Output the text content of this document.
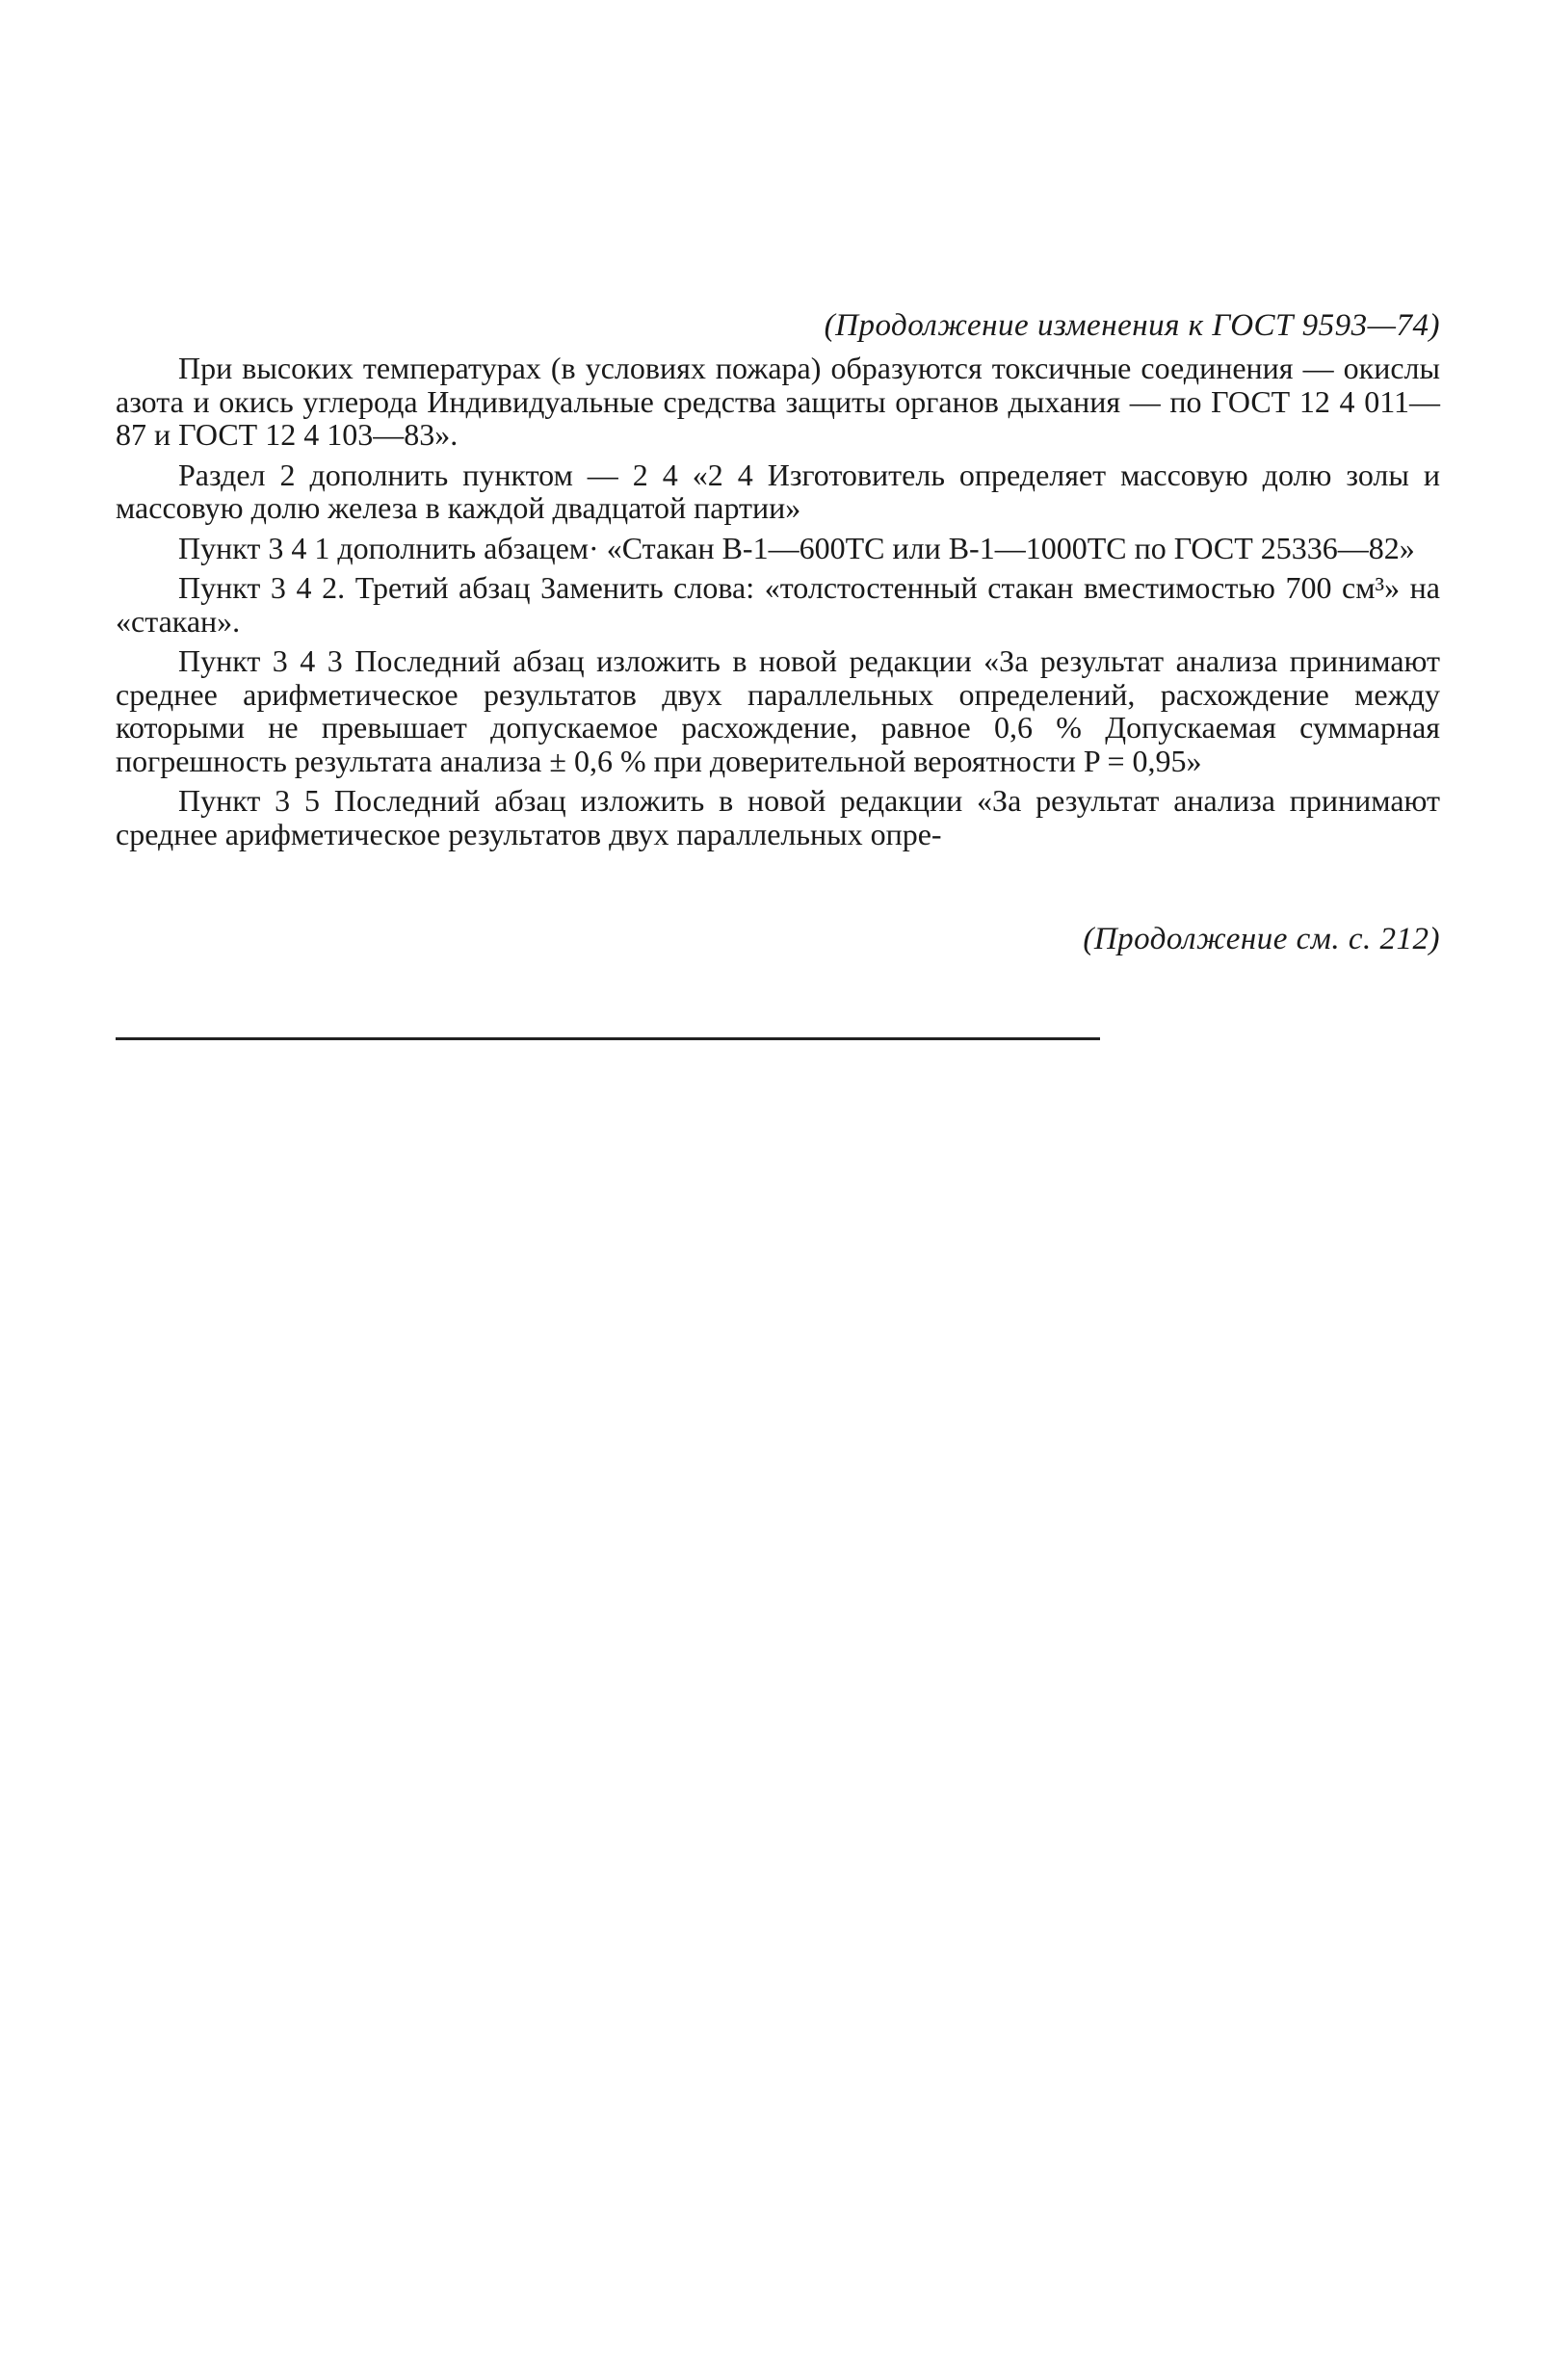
(Продолжение изменения к ГОСТ 9593—74)

При высоких температурах (в условиях пожара) образуются токсичные соединения — окислы азота и окись углерода Индивидуальные средства защиты органов дыхания — по ГОСТ 12 4 011—87 и ГОСТ 12 4 103—83».

Раздел 2 дополнить пунктом — 2 4 «2 4 Изготовитель определяет массовую долю золы и массовую долю железа в каждой двадцатой партии»

Пункт 3 4 1 дополнить абзацем· «Стакан В-1—600ТС или В-1—1000ТС по ГОСТ 25336—82»

Пункт 3 4 2. Третий абзац Заменить слова: «толстостенный стакан вместимостью 700 см³» на «стакан».

Пункт 3 4 3 Последний абзац изложить в новой редакции «За результат анализа принимают среднее арифметическое результатов двух параллельных определений, расхождение между которыми не превышает допускаемое расхождение, равное 0,6 % Допускаемая суммарная погрешность результата анализа ± 0,6 % при доверительной вероятности P = 0,95»

Пункт 3 5 Последний абзац изложить в новой редакции «За результат анализа принимают среднее арифметическое результатов двух параллельных опре-

(Продолжение см. с. 212)
